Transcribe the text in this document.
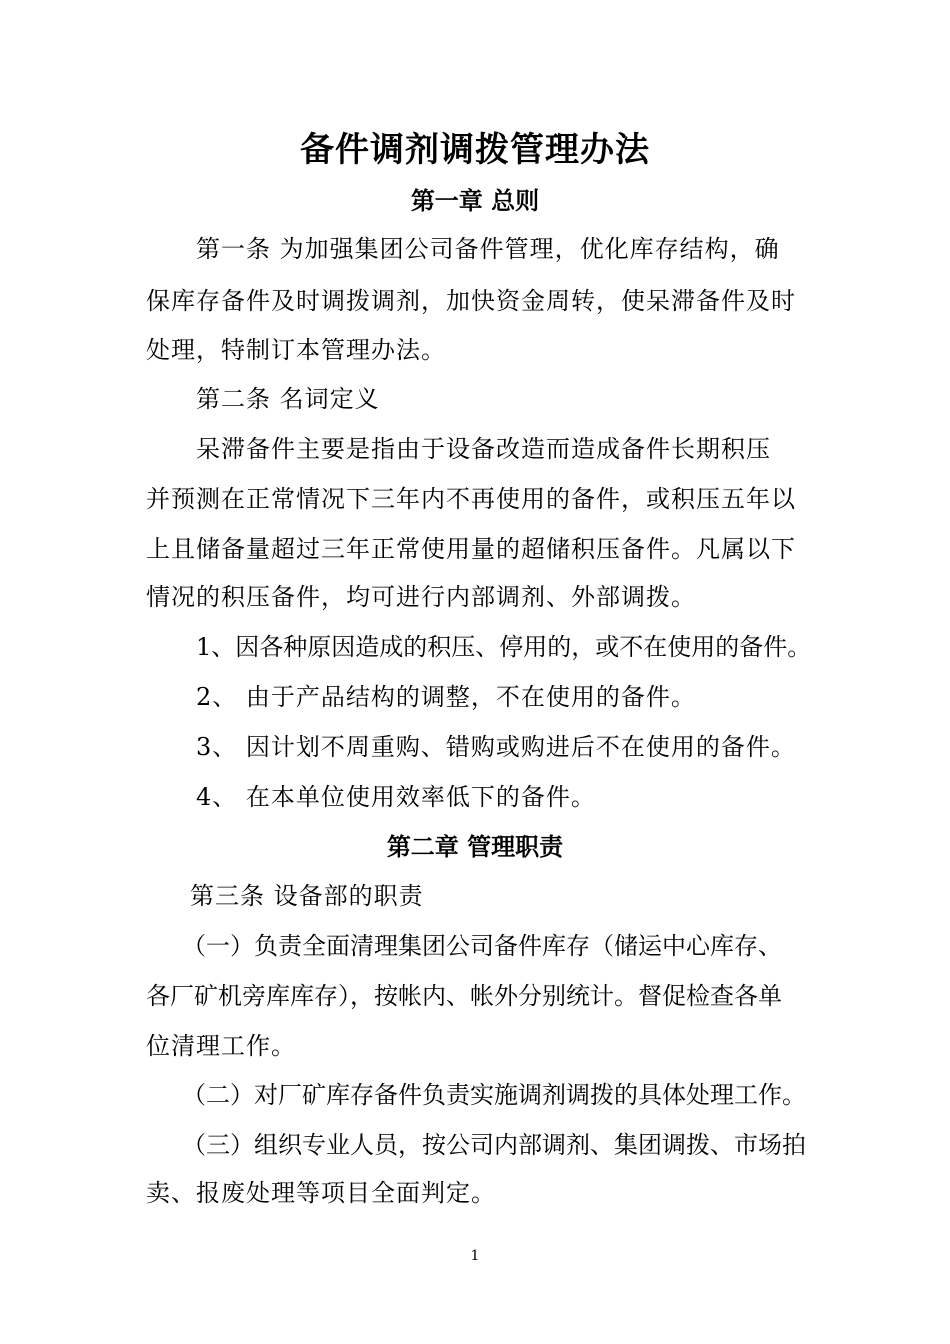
备件调剂调拨管理办法
第一章 总则
第一条 为加强集团公司备件管理，优化库存结构，确
保库存备件及时调拨调剂，加快资金周转，使呆滞备件及时
处理，特制订本管理办法。
第二条 名词定义
呆滞备件主要是指由于设备改造而造成备件长期积压
并预测在正常情况下三年内不再使用的备件，或积压五年以
上且储备量超过三年正常使用量的超储积压备件。凡属以下
情况的积压备件，均可进行内部调剂、外部调拨。
1、因各种原因造成的积压、停用的，或不在使用的备件。
2、 由于产品结构的调整，不在使用的备件。
3、 因计划不周重购、错购或购进后不在使用的备件。
4、 在本单位使用效率低下的备件。
第二章 管理职责
第三条 设备部的职责
（一）负责全面清理集团公司备件库存（储运中心库存、
各厂矿机旁库库存），按帐内、帐外分别统计。督促检查各单
位清理工作。
（二）对厂矿库存备件负责实施调剂调拨的具体处理工作。
（三）组织专业人员，按公司内部调剂、集团调拨、市场拍
卖、报废处理等项目全面判定。
1
